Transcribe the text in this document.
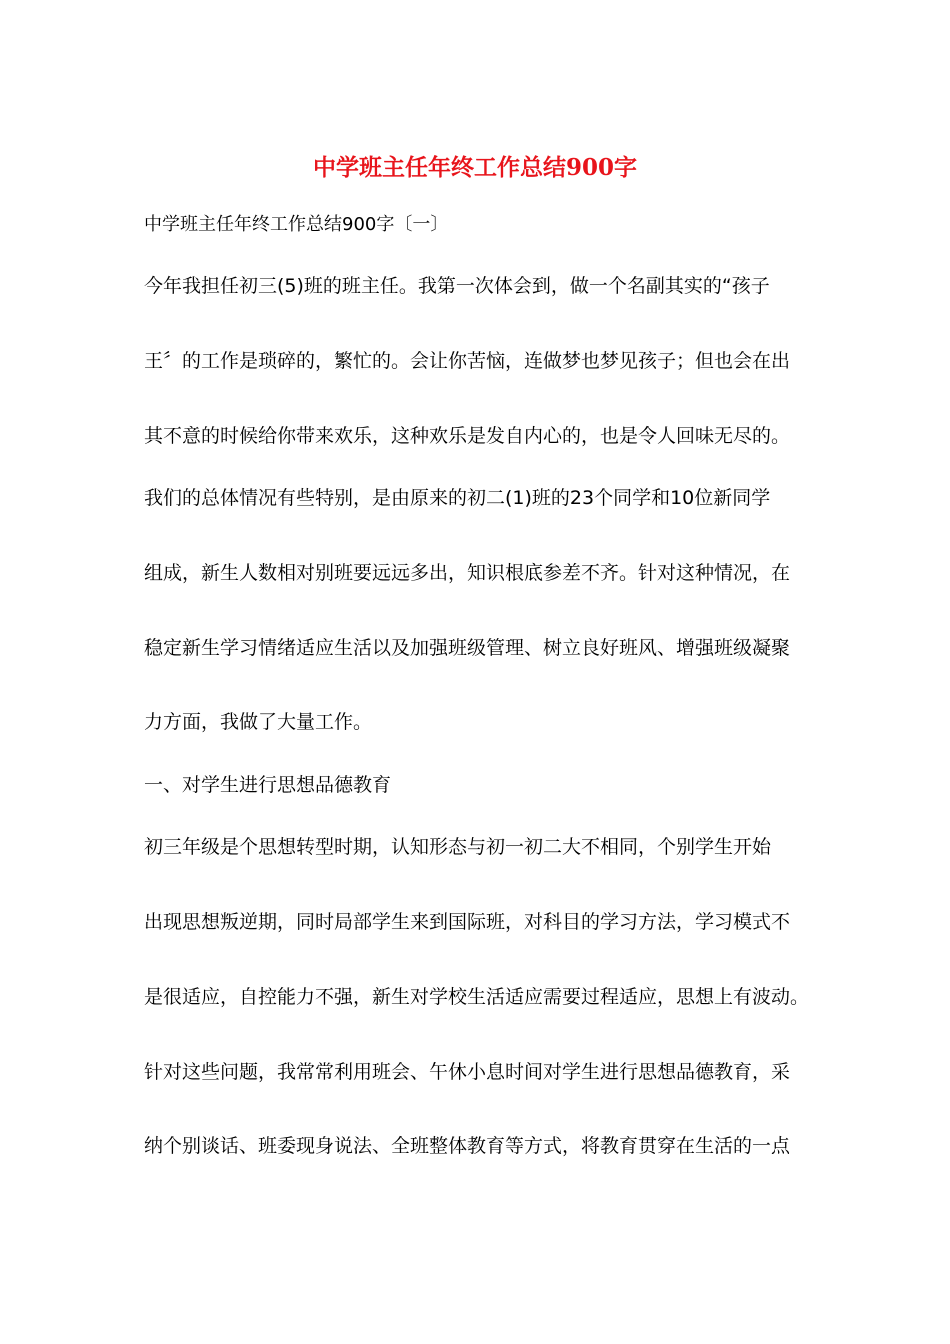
中学班主任年终工作总结900字

中学班主任年终工作总结900字〔一〕

今年我担任初三(5)班的班主任。我第一次体会到，做一个名副其实的“孩子

王〞的工作是琐碎的，繁忙的。会让你苦恼，连做梦也梦见孩子；但也会在出

其不意的时候给你带来欢乐，这种欢乐是发自内心的，也是令人回味无尽的。

我们的总体情况有些特别，是由原来的初二(1)班的23个同学和10位新同学

组成，新生人数相对别班要远远多出，知识根底参差不齐。针对这种情况，在

稳定新生学习情绪适应生活以及加强班级管理、树立良好班风、增强班级凝聚

力方面，我做了大量工作。

一、对学生进行思想品德教育

初三年级是个思想转型时期，认知形态与初一初二大不相同，个别学生开始

出现思想叛逆期，同时局部学生来到国际班，对科目的学习方法，学习模式不

是很适应，自控能力不强，新生对学校生活适应需要过程适应，思想上有波动。

针对这些问题，我常常利用班会、午休小息时间对学生进行思想品德教育，采

纳个别谈话、班委现身说法、全班整体教育等方式，将教育贯穿在生活的一点
